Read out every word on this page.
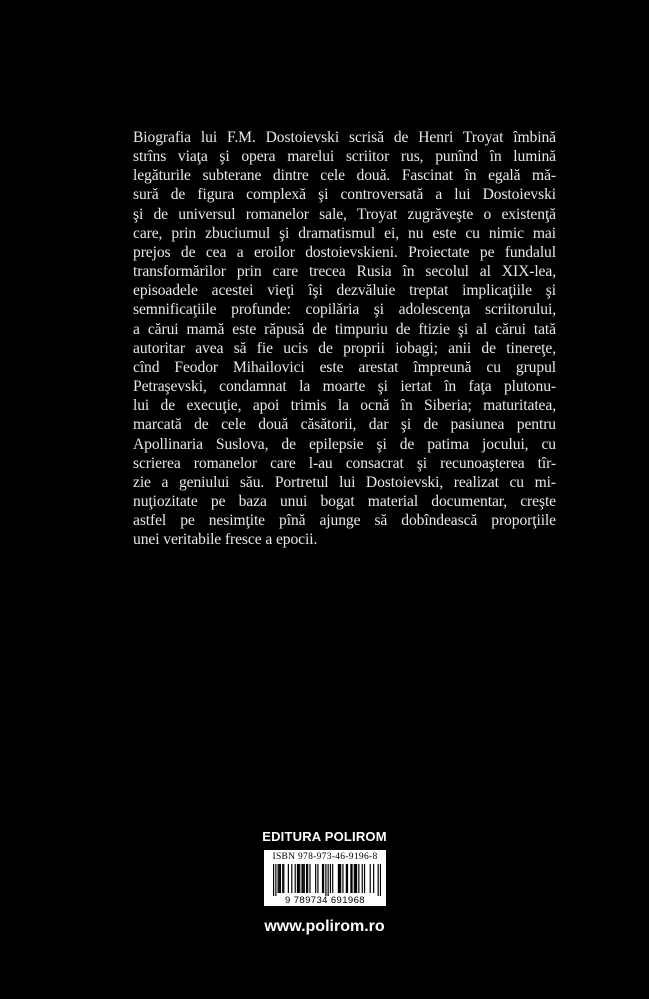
Biografia lui F.M. Dostoievski scrisă de Henri Troyat îmbină
strîns viaţa şi opera marelui scriitor rus, punînd în lumină
legăturile subterane dintre cele două. Fascinat în egală mă-
sură de figura complexă şi controversată a lui Dostoievski
şi de universul romanelor sale, Troyat zugrăveşte o existenţă
care, prin zbuciumul şi dramatismul ei, nu este cu nimic mai
prejos de cea a eroilor dostoievskieni. Proiectate pe fundalul
transformărilor prin care trecea Rusia în secolul al XIX-lea,
episoadele acestei vieţi îşi dezvăluie treptat implicaţiile şi
semnificaţiile profunde: copilăria şi adolescenţa scriitorului,
a cărui mamă este răpusă de timpuriu de ftizie şi al cărui tată
autoritar avea să fie ucis de proprii iobagi; anii de tinereţe,
cînd Feodor Mihailovici este arestat împreună cu grupul
Petraşevski, condamnat la moarte şi iertat în faţa plutonu-
lui de execuţie, apoi trimis la ocnă în Siberia; maturitatea,
marcată de cele două căsătorii, dar şi de pasiunea pentru
Apollinaria Suslova, de epilepsie şi de patima jocului, cu
scrierea romanelor care l-au consacrat şi recunoaşterea tîr-
zie a geniului său. Portretul lui Dostoievski, realizat cu mi-
nuţiozitate pe baza unui bogat material documentar, creşte
astfel pe nesimţite pînă ajunge să dobîndească proporţiile
unei veritabile fresce a epocii.
EDITURA POLIROM
ISBN 978-973-46-9196-8
9 789734 691968
www.polirom.ro
